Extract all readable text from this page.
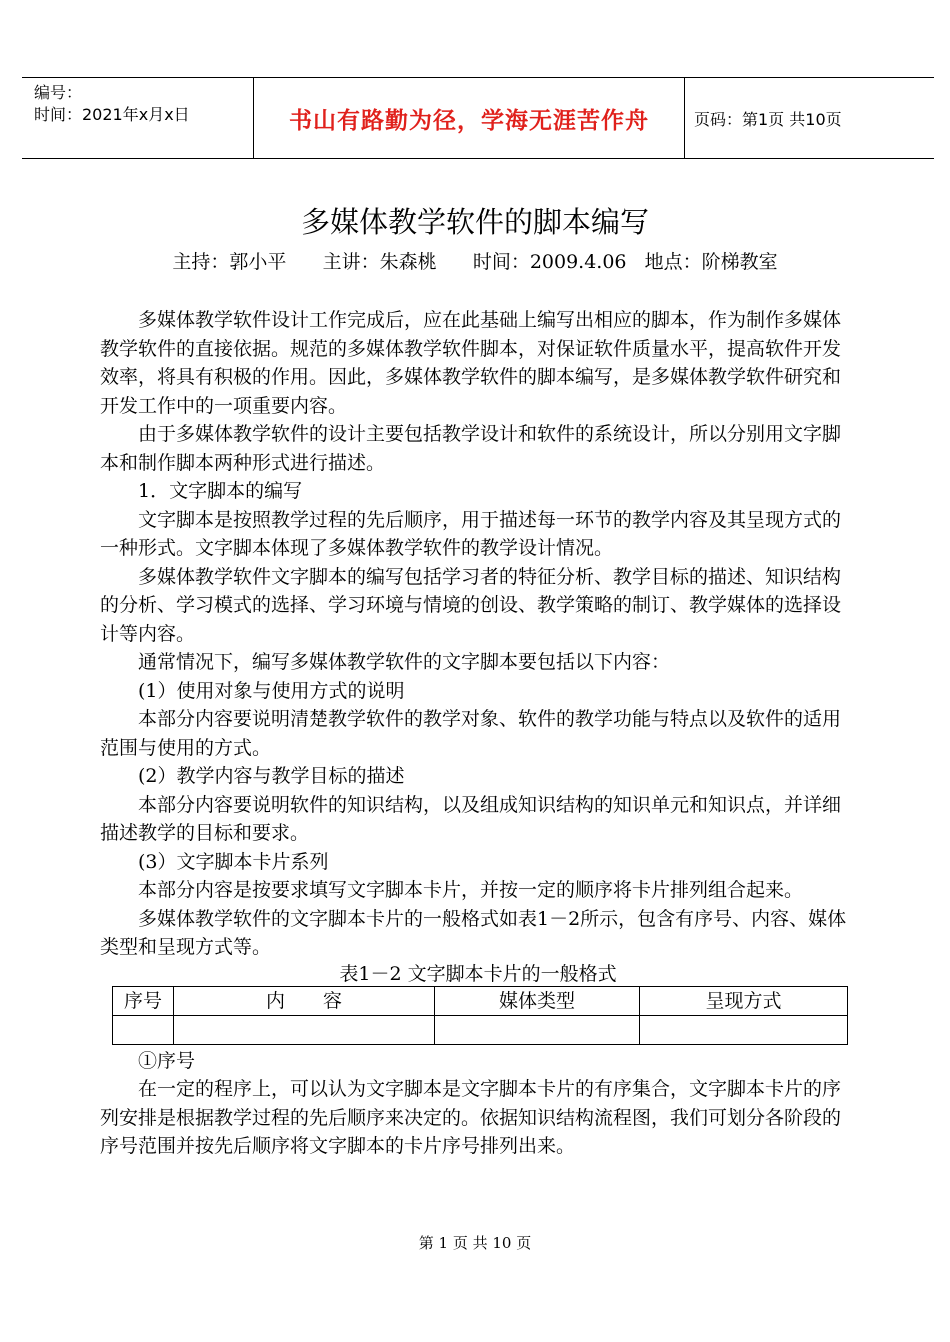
编号：
时间：2021年x月x日	书山有路勤为径，学海无涯苦作舟	页码：第1页 共10页
多媒体教学软件的脚本编写
主持：郭小平      主讲：朱森桃      时间：2009.4.06   地点：阶梯教室

多媒体教学软件设计工作完成后，应在此基础上编写出相应的脚本，作为制作多媒体教学软件的直接依据。规范的多媒体教学软件脚本，对保证软件质量水平，提高软件开发效率，将具有积极的作用。因此，多媒体教学软件的脚本编写，是多媒体教学软件研究和开发工作中的一项重要内容。

由于多媒体教学软件的设计主要包括教学设计和软件的系统设计，所以分别用文字脚本和制作脚本两种形式进行描述。

1．文字脚本的编写

文字脚本是按照教学过程的先后顺序，用于描述每一环节的教学内容及其呈现方式的一种形式。文字脚本体现了多媒体教学软件的教学设计情况。

多媒体教学软件文字脚本的编写包括学习者的特征分析、教学目标的描述、知识结构的分析、学习模式的选择、学习环境与情境的创设、教学策略的制订、教学媒体的选择设计等内容。

通常情况下，编写多媒体教学软件的文字脚本要包括以下内容：

(1）使用对象与使用方式的说明

本部分内容要说明清楚教学软件的教学对象、软件的教学功能与特点以及软件的适用范围与使用的方式。

(2）教学内容与教学目标的描述

本部分内容要说明软件的知识结构，以及组成知识结构的知识单元和知识点，并详细描述教学的目标和要求。

(3）文字脚本卡片系列

本部分内容是按要求填写文字脚本卡片，并按一定的顺序将卡片排列组合起来。

多媒体教学软件的文字脚本卡片的一般格式如表1－2所示，包含有序号、内容、媒体类型和呈现方式等。

表1－2 文字脚本卡片的一般格式

序号	内　　容	媒体类型	呈现方式

①序号

在一定的程序上，可以认为文字脚本是文字脚本卡片的有序集合，文字脚本卡片的序列安排是根据教学过程的先后顺序来决定的。依据知识结构流程图，我们可划分各阶段的序号范围并按先后顺序将文字脚本的卡片序号排列出来。

第 1 页 共 10 页
